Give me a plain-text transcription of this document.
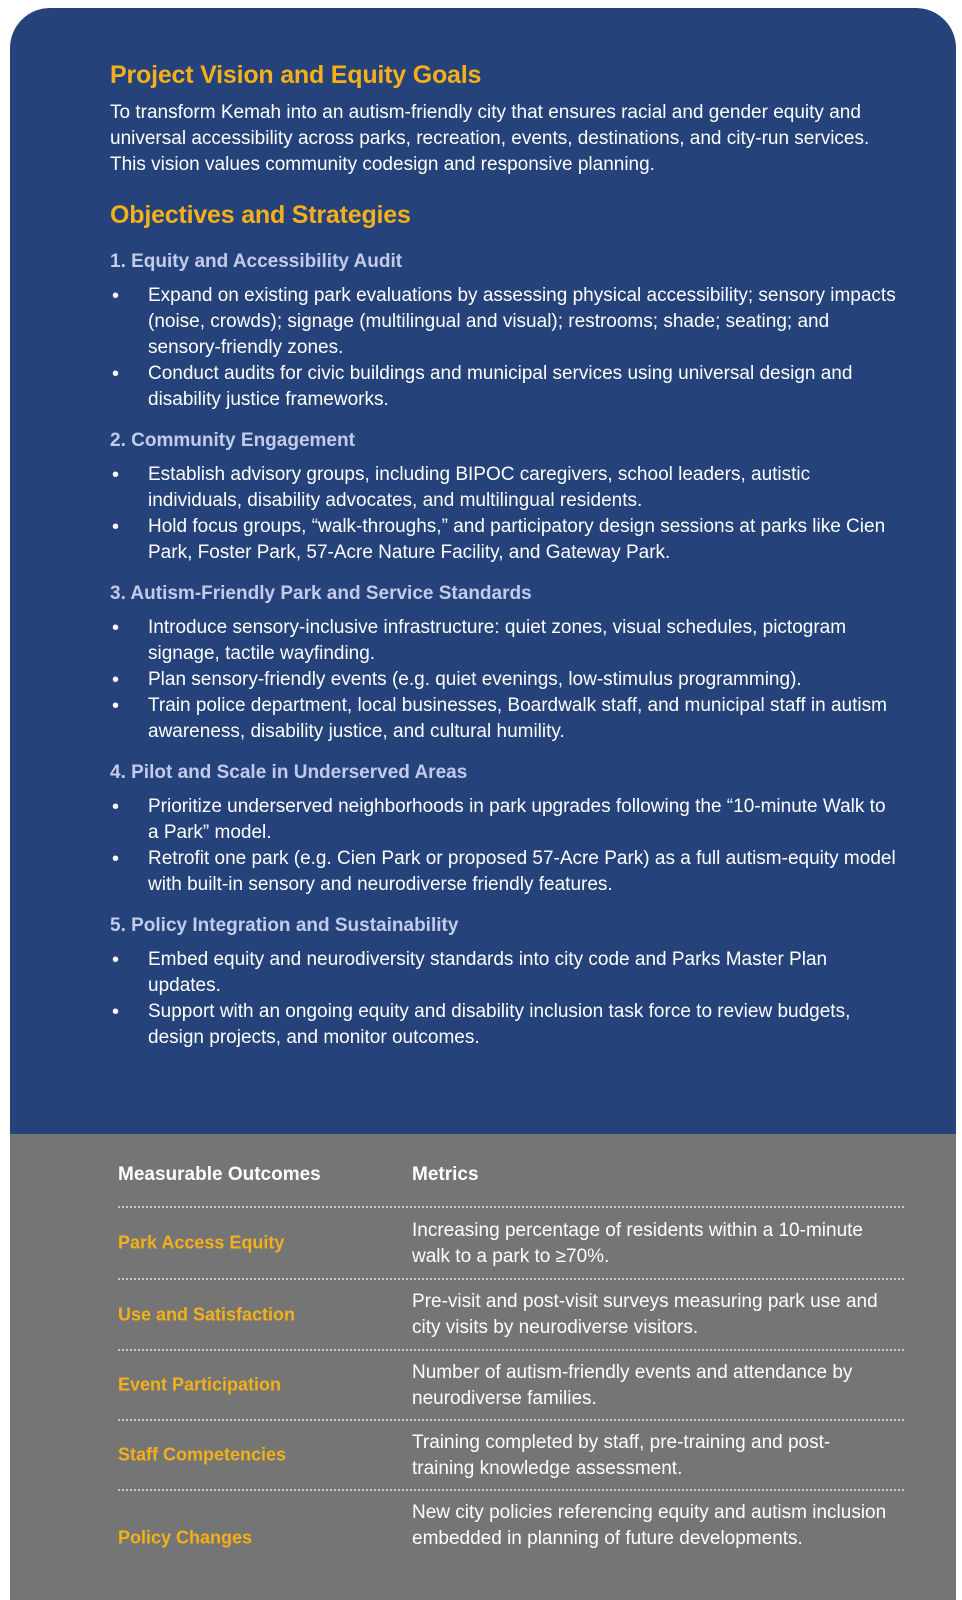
Project Vision and Equity Goals

To transform Kemah into an autism-friendly city that ensures racial and gender equity and universal accessibility across parks, recreation, events, destinations, and city-run services. This vision values community codesign and responsive planning.

Objectives and Strategies
1. Equity and Accessibility Audit
• Expand on existing park evaluations by assessing physical accessibility; sensory impacts (noise, crowds); signage (multilingual and visual); restrooms; shade; seating; and sensory-friendly zones.
• Conduct audits for civic buildings and municipal services using universal design and disability justice frameworks.
2. Community Engagement
• Establish advisory groups, including BIPOC caregivers, school leaders, autistic individuals, disability advocates, and multilingual residents.
• Hold focus groups, “walk-throughs,” and participatory design sessions at parks like Cien Park, Foster Park, 57-Acre Nature Facility, and Gateway Park.
3. Autism-Friendly Park and Service Standards
• Introduce sensory-inclusive infrastructure: quiet zones, visual schedules, pictogram signage, tactile wayfinding.
• Plan sensory-friendly events (e.g. quiet evenings, low-stimulus programming).
• Train police department, local businesses, Boardwalk staff, and municipal staff in autism awareness, disability justice, and cultural humility.
4. Pilot and Scale in Underserved Areas
• Prioritize underserved neighborhoods in park upgrades following the “10-minute Walk to a Park” model.
• Retrofit one park (e.g. Cien Park or proposed 57-Acre Park) as a full autism-equity model with built-in sensory and neurodiverse friendly features.
5. Policy Integration and Sustainability
• Embed equity and neurodiversity standards into city code and Parks Master Plan updates.
• Support with an ongoing equity and disability inclusion task force to review budgets, design projects, and monitor outcomes.
Measurable Outcomes	Metrics
Park Access Equity
Increasing percentage of residents within a 10-minute walk to a park to ≥70%.
Use and Satisfaction
Pre-visit and post-visit surveys measuring park use and city visits by neurodiverse visitors.
Event Participation
Number of autism-friendly events and attendance by neurodiverse families.
Staff Competencies
Training completed by staff, pre-training and post-training knowledge assessment.
Policy Changes
New city policies referencing equity and autism inclusion embedded in planning of future developments.
